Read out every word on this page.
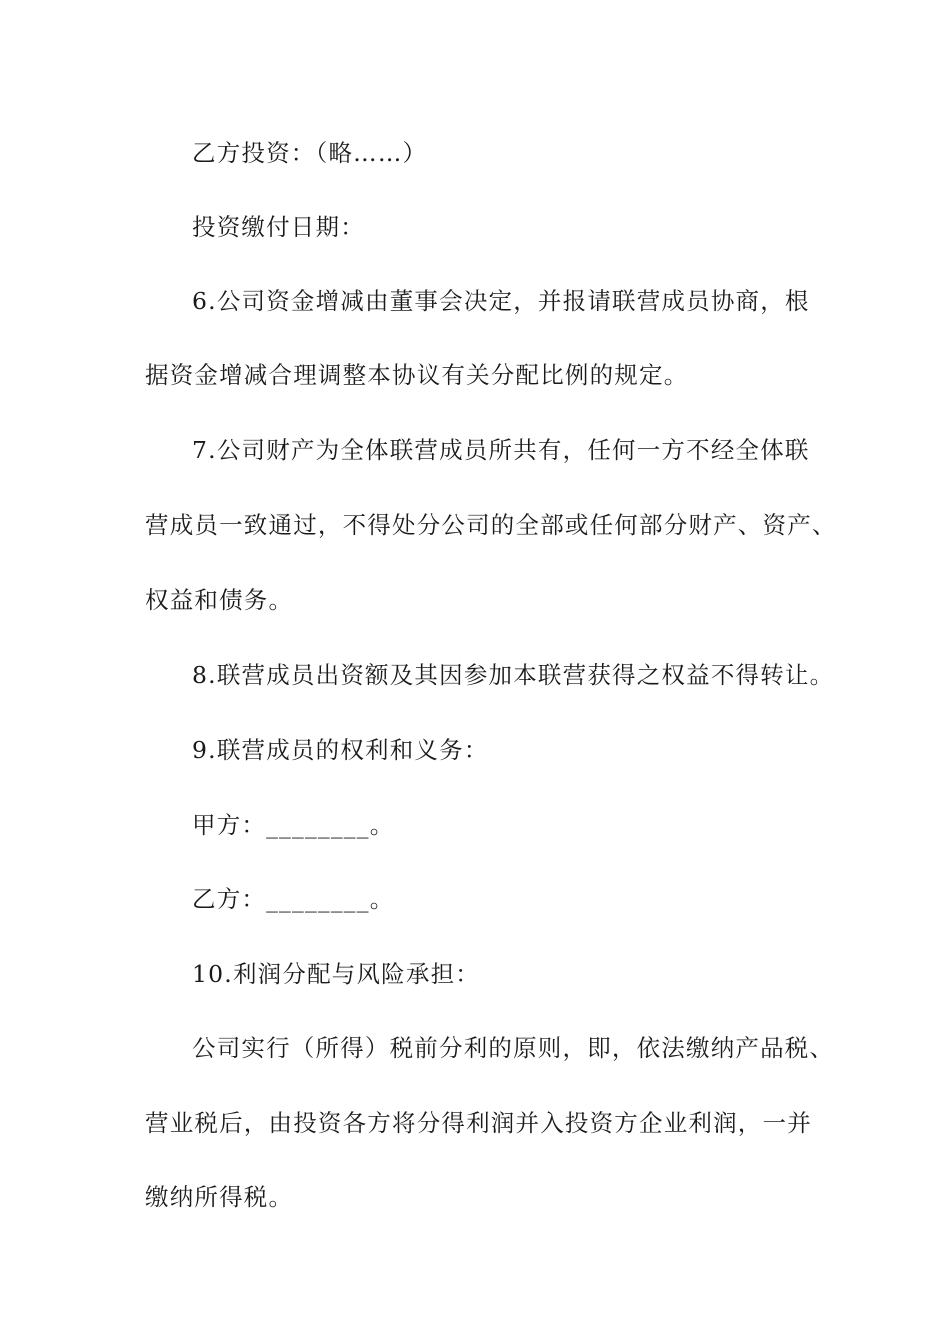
乙方投资：（略……）
投资缴付日期：
6.公司资金增减由董事会决定，并报请联营成员协商，根
据资金增减合理调整本协议有关分配比例的规定。
7.公司财产为全体联营成员所共有，任何一方不经全体联
营成员一致通过，不得处分公司的全部或任何部分财产、资产、
权益和债务。
8.联营成员出资额及其因参加本联营获得之权益不得转让。
9.联营成员的权利和义务：
甲方：________。
乙方：________。
10.利润分配与风险承担：
公司实行（所得）税前分利的原则，即，依法缴纳产品税、
营业税后，由投资各方将分得利润并入投资方企业利润，一并
缴纳所得税。
